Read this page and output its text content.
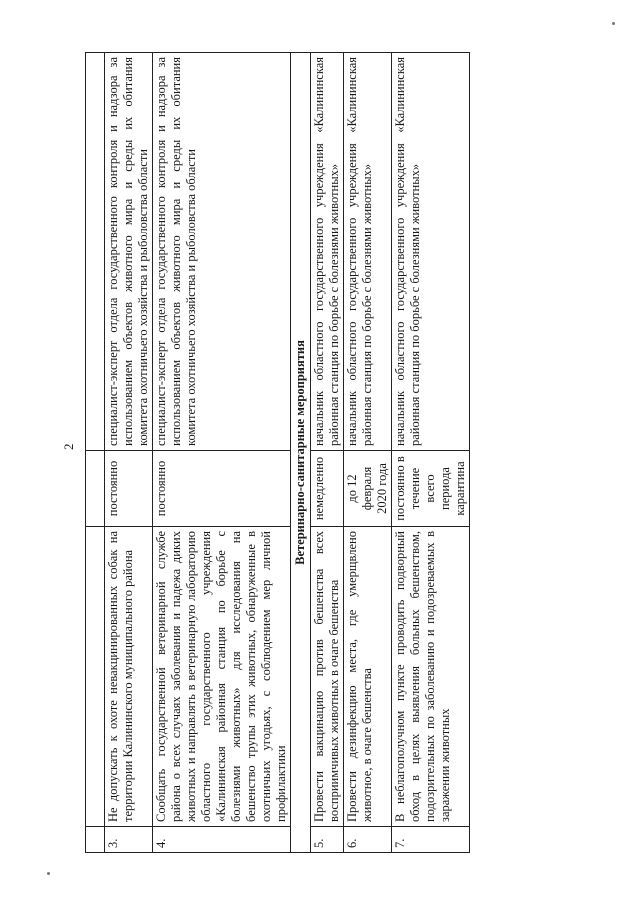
2

3.	Не допускать к охоте невакцинированных собак на территории Калининского муниципального района	постоянно	специалист-эксперт отдела государственного контроля и надзора за использованием объектов животного мира и среды их обитания комитета охотничьего хозяйства и рыболовства области
4.	Сообщать государственной ветеринарной службе района о всех случаях заболевания и падежа диких животных и направлять в ветеринарную лабораторию областного государственного учреждения «Калининская районная станция по борьбе с болезнями животных» для исследования на бешенство трупы этих животных, обнаруженные в охотничьих угодьях, с соблюдением мер личной профилактики	постоянно	специалист-эксперт отдела государственного контроля и надзора за использованием объектов животного мира и среды их обитания комитета охотничьего хозяйства и рыболовства области
Ветеринарно-санитарные мероприятия			
5.	Провести вакцинацию против бешенства всех восприимчивых животных в очаге бешенства	немедленно	начальник областного государственного учреждения «Калининская районная станция по борьбе с болезнями животных»
6.	Провести дезинфекцию места, где умерщвлено животное, в очаге бешенства	до 12 февраля 2020 года	начальник областного государственного учреждения «Калининская районная станция по борьбе с болезнями животных»
7.	В неблагополучном пункте проводить подворный обход в целях выявления больных бешенством, подозрительных по заболеванию и подозреваемых в заражении животных	постоянно в течение всего периода карантина	начальник областного государственного учреждения «Калининская районная станция по борьбе с болезнями животных»
